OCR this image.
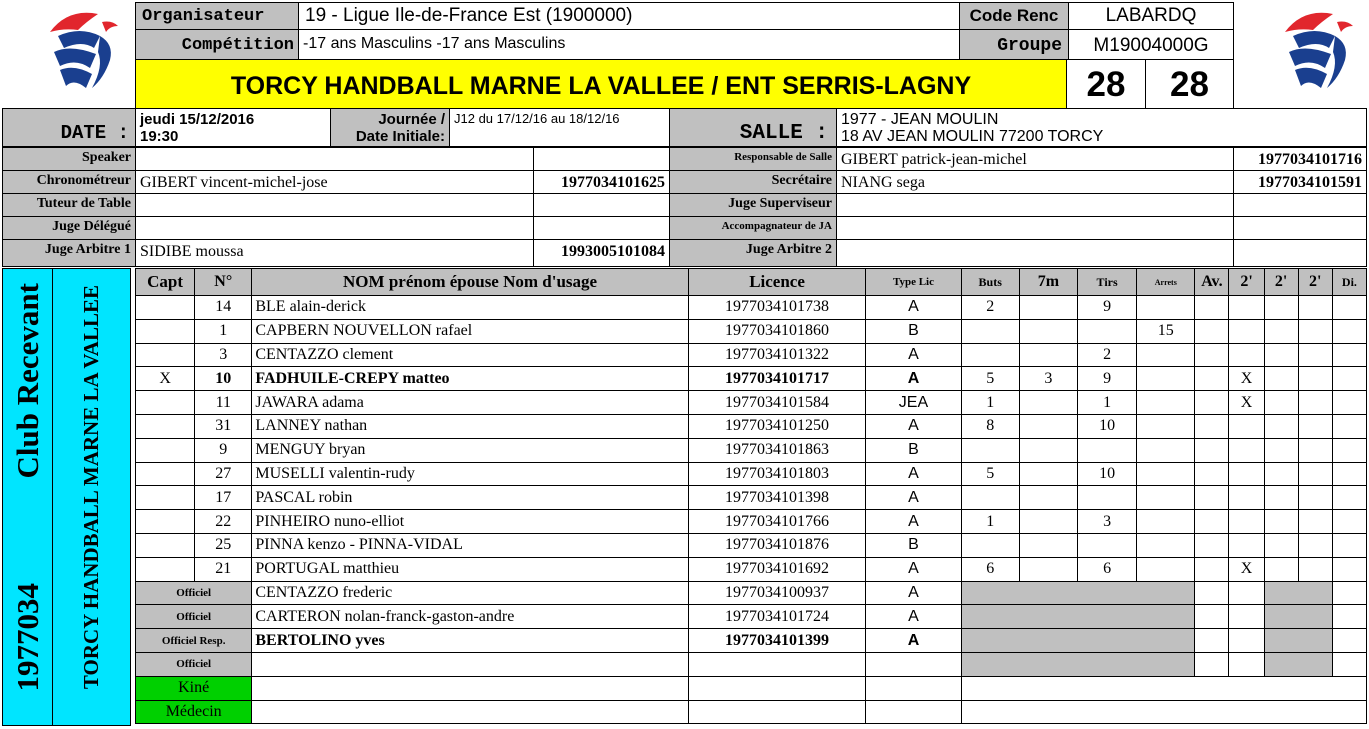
Organisateur	19 - Ligue Ile-de-France Est (1900000)	Code Renc	LABARDQ
Compétition -17 ans Masculins -17 ans Masculins	Groupe	M19004000G
TORCY HANDBALL MARNE LA VALLEE / ENT SERRIS-LAGNY	28	28
DATE :
jeudi 15/12/2016
19:30
Journée /
Date Initiale:
J12 du 17/12/16 au 18/12/16
SALLE :
1977 - JEAN MOULIN
18 AV JEAN MOULIN 77200 TORCY
Speaker	Responsable de Salle GIBERT patrick-jean-michel	1977034101716
Chronométreur GIBERT vincent-michel-jose	1977034101625	Secrétaire NIANG sega	1977034101591
Tuteur de Table	Juge Superviseur
Juge Délégué	Accompagnateur de JA
Juge Arbitre 1 SIDIBE moussa	1993005101084	Juge Arbitre 2
Club Recevant
1977034 TORCY HANDBALL MARNE LA VALLEE
Capt	N°	NOM prénom épouse Nom d'usage	Licence	Type Lic	Buts	7m	Tirs	Arrets	Av.	2'	2'	2'	Di.
	14	BLE alain-derick	1977034101738	A	2		9						
	1	CAPBERN NOUVELLON rafael	1977034101860	B				15					
	3	CENTAZZO clement	1977034101322	A			2						
X	10	FADHUILE-CREPY matteo	1977034101717	A	5	3	9			X			
	11	JAWARA adama	1977034101584	JEA	1		1			X			
	31	LANNEY nathan	1977034101250	A	8		10						
	9	MENGUY bryan	1977034101863	B									
	27	MUSELLI valentin-rudy	1977034101803	A	5		10						
	17	PASCAL robin	1977034101398	A									
	22	PINHEIRO nuno-elliot	1977034101766	A	1		3						
	25	PINNA kenzo - PINNA-VIDAL	1977034101876	B									
	21	PORTUGAL matthieu	1977034101692	A	6		6			X			
Officiel		CENTAZZO frederic	1977034100937	A									
Officiel		CARTERON nolan-franck-gaston-andre	1977034101724	A									
Officiel Resp.		BERTOLINO yves	1977034101399	A									
Officiel													
Kiné													
Médecin													
